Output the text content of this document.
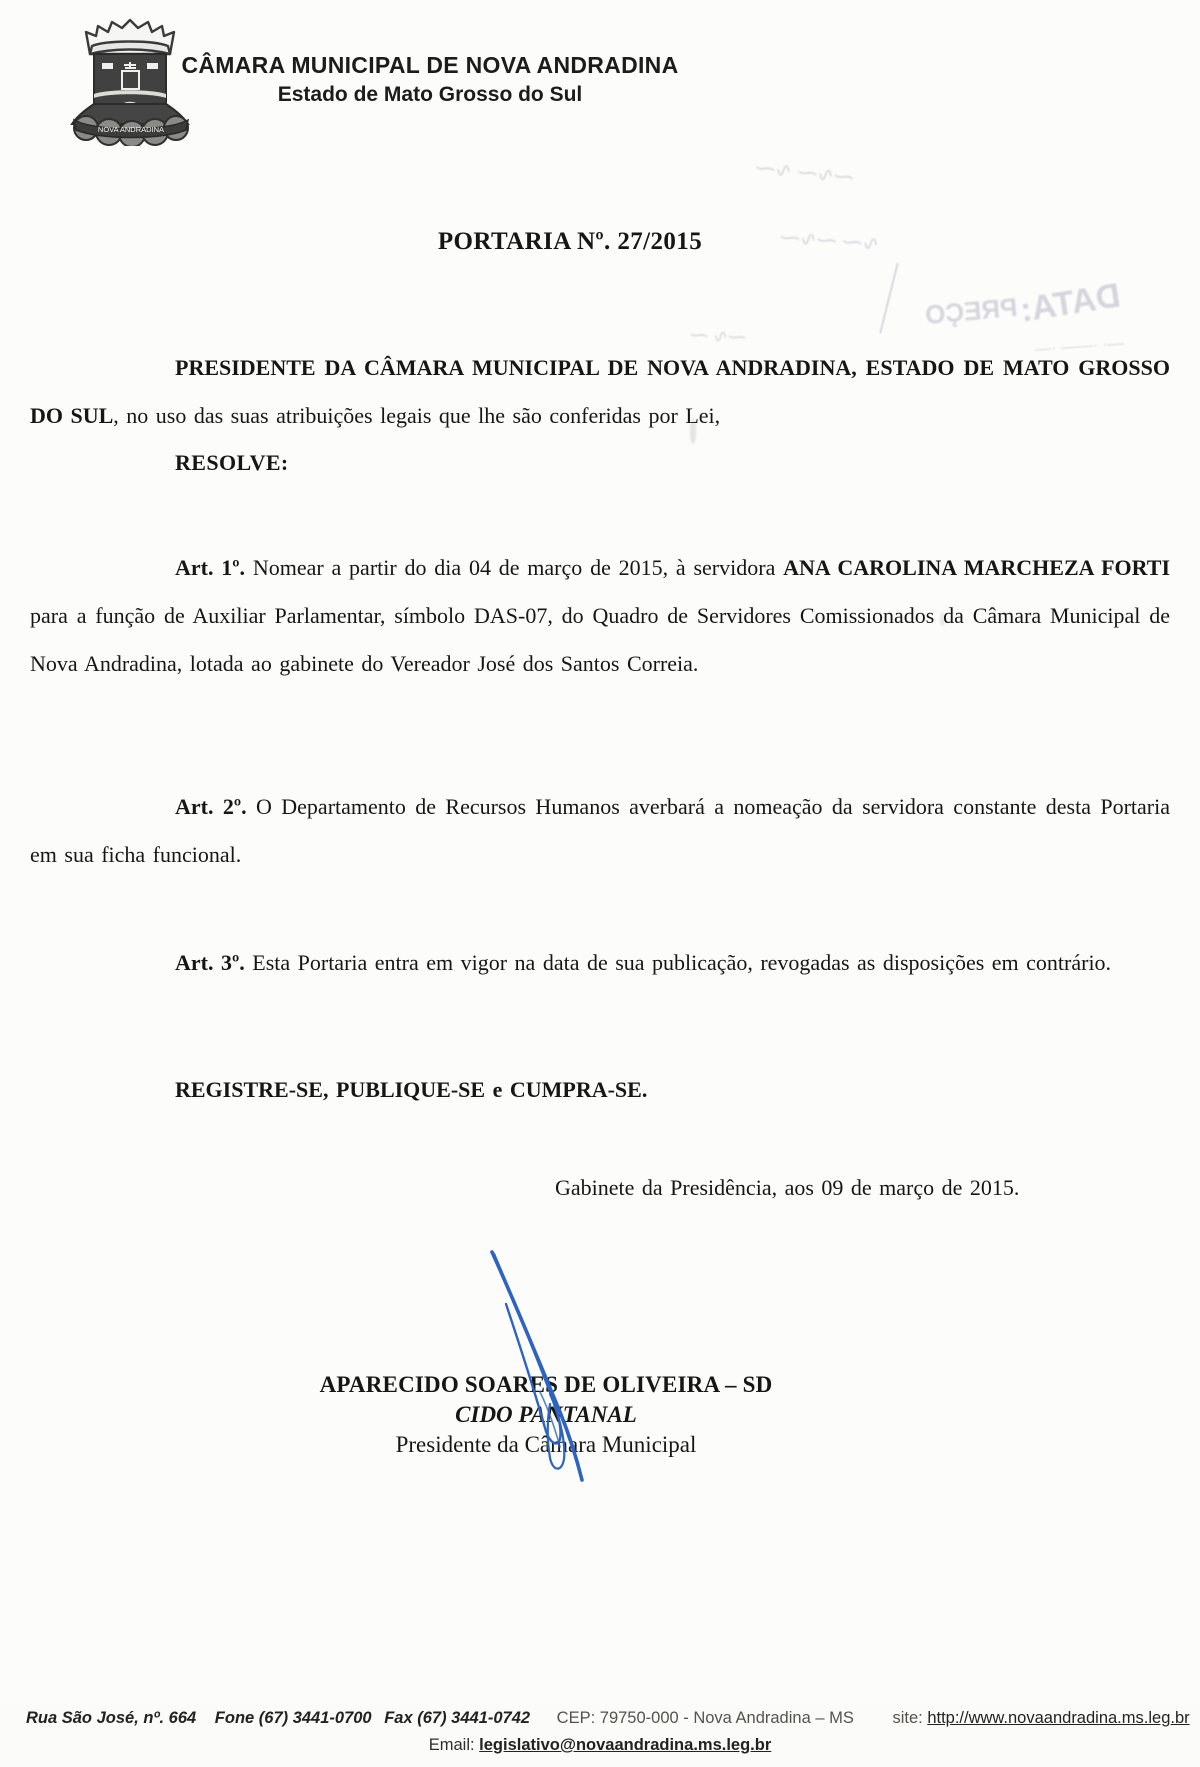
NOVA ANDRADINA
CÂMARA MUNICIPAL DE NOVA ANDRADINA
Estado de Mato Grosso do Sul
⁓∿⁓ ∿⁓
∿⁓ ⁓∿⁓
PREÇO
⁓∿ ⁓
DATA:
—· ·—— ·—
PORTARIA Nº. 27/2015

PRESIDENTE DA CÂMARA MUNICIPAL DE NOVA ANDRADINA, ESTADO DE MATO GROSSO DO SUL, no uso das suas atribuições legais que lhe são conferidas por Lei,

RESOLVE:

Art. 1º. Nomear a partir do dia 04 de março de 2015, à servidora ANA CAROLINA MARCHEZA FORTI para a função de Auxiliar Parlamentar, símbolo DAS-07, do Quadro de Servidores Comissionados da Câmara Municipal de Nova Andradina, lotada ao gabinete do Vereador José dos Santos Correia.

Art. 2º. O Departamento de Recursos Humanos averbará a nomeação da servidora constante desta Portaria em sua ficha funcional.

Art. 3º. Esta Portaria entra em vigor na data de sua publicação, revogadas as disposições em contrário.

REGISTRE-SE, PUBLIQUE-SE e CUMPRA-SE.

Gabinete da Presidência, aos 09 de março de 2015.

APARECIDO SOARES DE OLIVEIRA – SD
CIDO PANTANAL
Presidente da Câmara Municipal
Rua São José, nº. 664 Fone (67) 3441-0700 Fax (67) 3441-0742 CEP: 79750-000 - Nova Andradina – MS site: http://www.novaandradina.ms.leg.br
Email: legislativo@novaandradina.ms.leg.br
